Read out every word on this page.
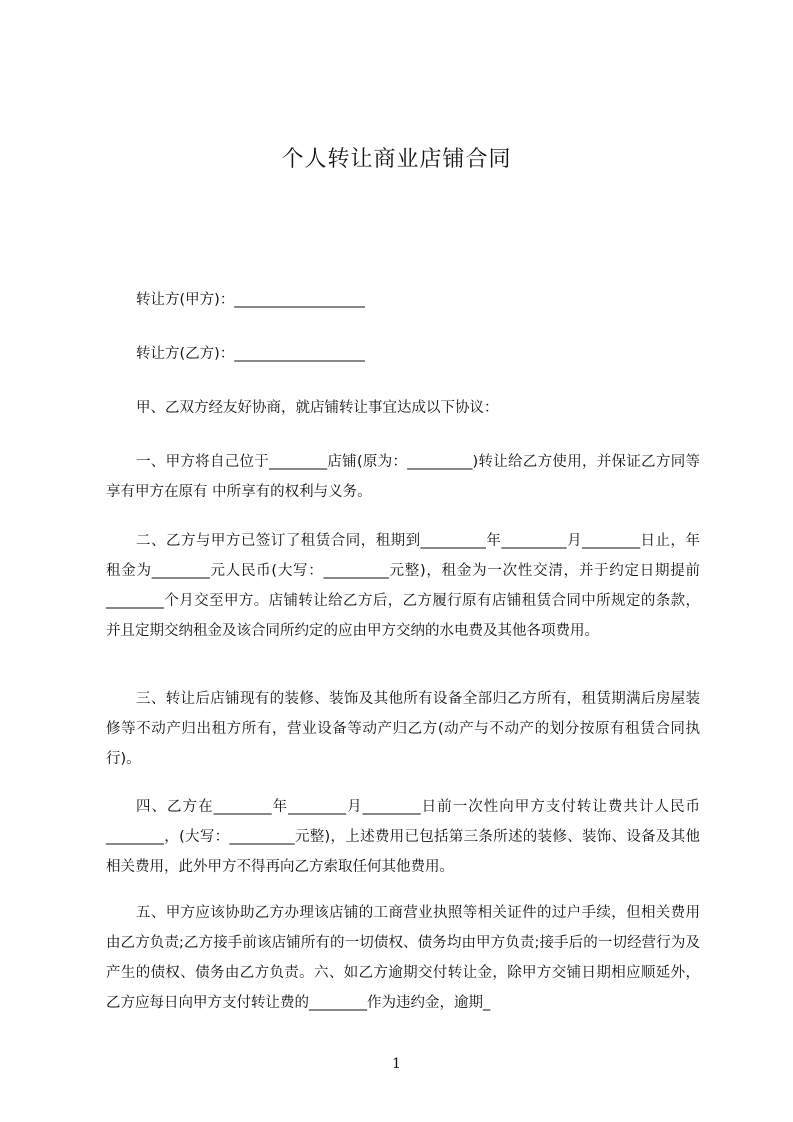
个人转让商业店铺合同
转让方(甲方)：__________________
转让方(乙方)：__________________
甲、乙双方经友好协商，就店铺转让事宜达成以下协议：
一、甲方将自己位于________店铺(原为：_________)转让给乙方使用，并保证乙方同等享有甲方在原有 中所享有的权利与义务。
二、乙方与甲方已签订了租赁合同，租期到_________年_________月________日止，年租金为________元人民币(大写：_________元整)，租金为一次性交清，并于约定日期提前________个月交至甲方。店铺转让给乙方后，乙方履行原有店铺租赁合同中所规定的条款，并且定期交纳租金及该合同所约定的应由甲方交纳的水电费及其他各项费用。
三、转让后店铺现有的装修、装饰及其他所有设备全部归乙方所有，租赁期满后房屋装修等不动产归出租方所有，营业设备等动产归乙方(动产与不动产的划分按原有租赁合同执行)。
四、乙方在________年________月________日前一次性向甲方支付转让费共计人民币________，(大写：_________元整)，上述费用已包括第三条所述的装修、装饰、设备及其他相关费用，此外甲方不得再向乙方索取任何其他费用。
五、甲方应该协助乙方办理该店铺的工商营业执照等相关证件的过户手续，但相关费用由乙方负责;乙方接手前该店铺所有的一切债权、债务均由甲方负责;接手后的一切经营行为及产生的债权、债务由乙方负责。六、如乙方逾期交付转让金，除甲方交铺日期相应顺延外，乙方应每日向甲方支付转让费的________作为违约金，逾期_
1
